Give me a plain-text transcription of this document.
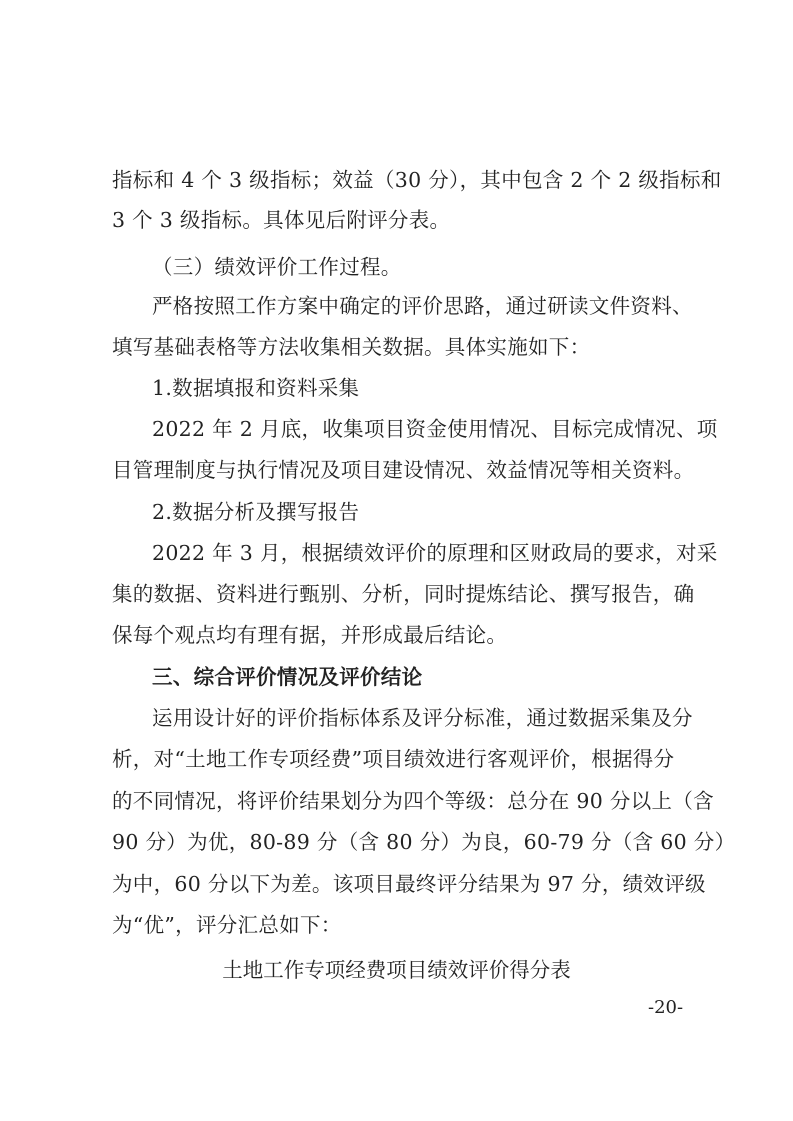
指标和 4 个 3 级指标；效益（30 分），其中包含 2 个 2 级指标和
3 个 3 级指标。具体见后附评分表。
（三）绩效评价工作过程。
严格按照工作方案中确定的评价思路，通过研读文件资料、
填写基础表格等方法收集相关数据。具体实施如下：
1.数据填报和资料采集
2022 年 2 月底，收集项目资金使用情况、目标完成情况、项
目管理制度与执行情况及项目建设情况、效益情况等相关资料。
2.数据分析及撰写报告
2022 年 3 月，根据绩效评价的原理和区财政局的要求，对采
集的数据、资料进行甄别、分析，同时提炼结论、撰写报告，确
保每个观点均有理有据，并形成最后结论。
三、综合评价情况及评价结论
运用设计好的评价指标体系及评分标准，通过数据采集及分
析，对“土地工作专项经费”项目绩效进行客观评价，根据得分
的不同情况，将评价结果划分为四个等级：总分在 90 分以上（含
90 分）为优，80-89 分（含 80 分）为良，60-79 分（含 60 分）
为中，60 分以下为差。该项目最终评分结果为 97 分，绩效评级
为“优”，评分汇总如下：
土地工作专项经费项目绩效评价得分表
-20-
